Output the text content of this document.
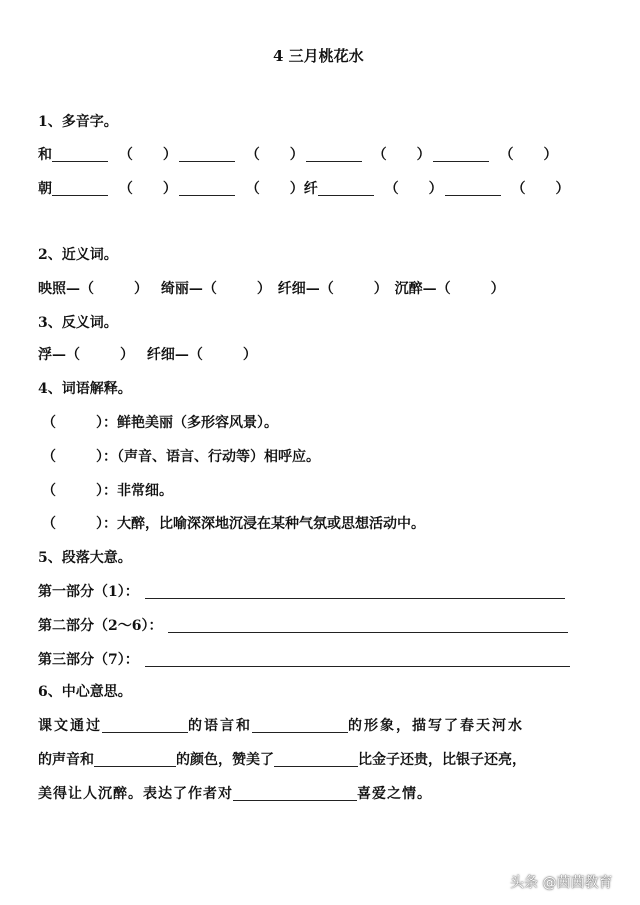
4 三月桃花水
1、多音字。
和	（ ）	（ ）	（ ）	（ ）
朝	（ ）	（ ）纤	（ ）	（ ）
2、近义词。
映照—（	） 绮丽—（	） 纤细—（	） 沉醉—（	）
3、反义词。
浮—（	） 纤细—（	）
4、词语解释。
（	）：鲜艳美丽（多形容风景）。
（	）：（声音、语言、行动等）相呼应。
（	）：非常细。
（	）：大醉，比喻深深地沉浸在某种气氛或思想活动中。
5、段落大意。
第一部分（1）：
第二部分（2～6）：
第三部分（7）：
6、中心意思。
课文通过	的语言和	的形象，描写了春天河水
的声音和	的颜色，赞美了	比金子还贵，比银子还亮，
美得让人沉醉。表达了作者对	喜爱之情。
头条 @茵茵教育
